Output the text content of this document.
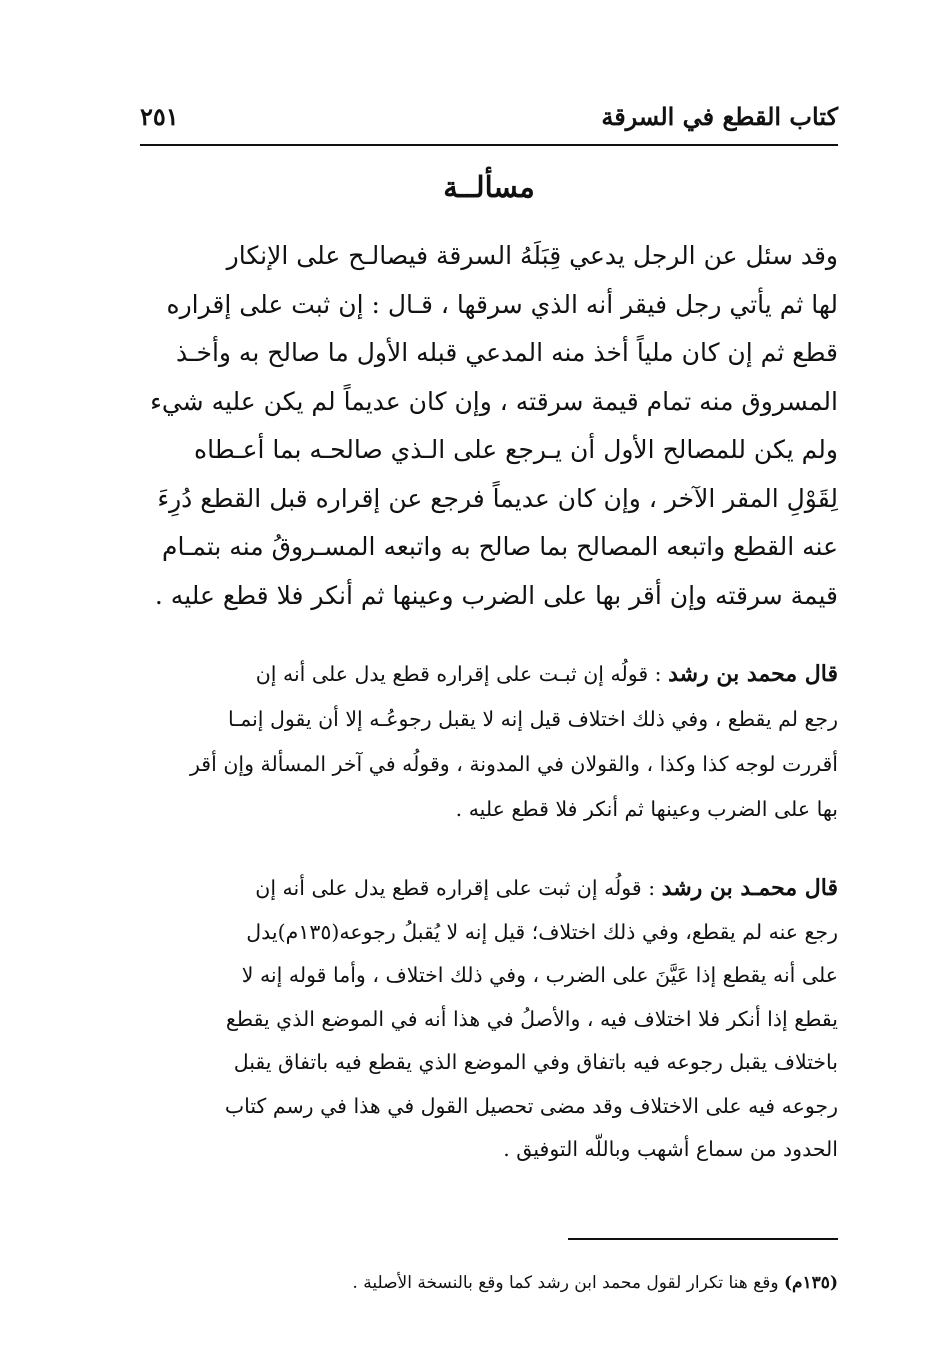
كتاب القطع في السرقة
٢٥١
مسألــة
وقد سئل عن الرجل يدعي قِبَلَهُ السرقة فيصالـح على الإنكار
لها ثم يأتي رجل فيقر أنه الذي سرقها ، قـال : إن ثبت على إقراره
قطع ثم إن كان ملياً أخذ منه المدعي قبله الأول ما صالح به وأخـذ
المسروق منه تمام قيمة سرقته ، وإن كان عديماً لم يكن عليه شيء
ولم يكن للمصالح الأول أن يـرجع على الـذي صالحـه بما أعـطاه
لِقَوْلِ المقر الآخر ، وإن كان عديماً فرجع عن إقراره قبل القطع دُرِءَ
عنه القطع واتبعه المصالح بما صالح به واتبعه المسـروقُ منه بتمـام
قيمة سرقته وإن أقر بها على الضرب وعينها ثم أنكر فلا قطع عليه .
قال محمد بن رشد : قولُه إن ثبـت على إقراره قطع يدل على أنه إن
رجع لم يقطع ، وفي ذلك اختلاف قيل إنه لا يقبل رجوعُـه إلا أن يقول إنمـا
أقررت لوجه كذا وكذا ، والقولان في المدونة ، وقولُه في آخر المسألة وإن أقر
بها على الضرب وعينها ثم أنكر فلا قطع عليه .
قال محمـد بن رشد : قولُه إن ثبت على إقراره قطع يدل على أنه إن
رجع عنه لم يقطع، وفي ذلك اختلاف؛ قيل إنه لا يُقبلُ رجوعه(١٣٥م)يدل
على أنه يقطع إذا عَيَّنَ على الضرب ، وفي ذلك اختلاف ، وأما قوله إنه لا
يقطع إذا أنكر فلا اختلاف فيه ، والأصلُ في هذا أنه في الموضع الذي يقطع
باختلاف يقبل رجوعه فيه باتفاق وفي الموضع الذي يقطع فيه باتفاق يقبل
رجوعه فيه على الاختلاف وقد مضى تحصيل القول في هذا في رسم كتاب
الحدود من سماع أشهب وباللّه التوفيق .
(١٣٥م) وقع هنا تكرار لقول محمد ابن رشد كما وقع بالنسخة الأصلية .
